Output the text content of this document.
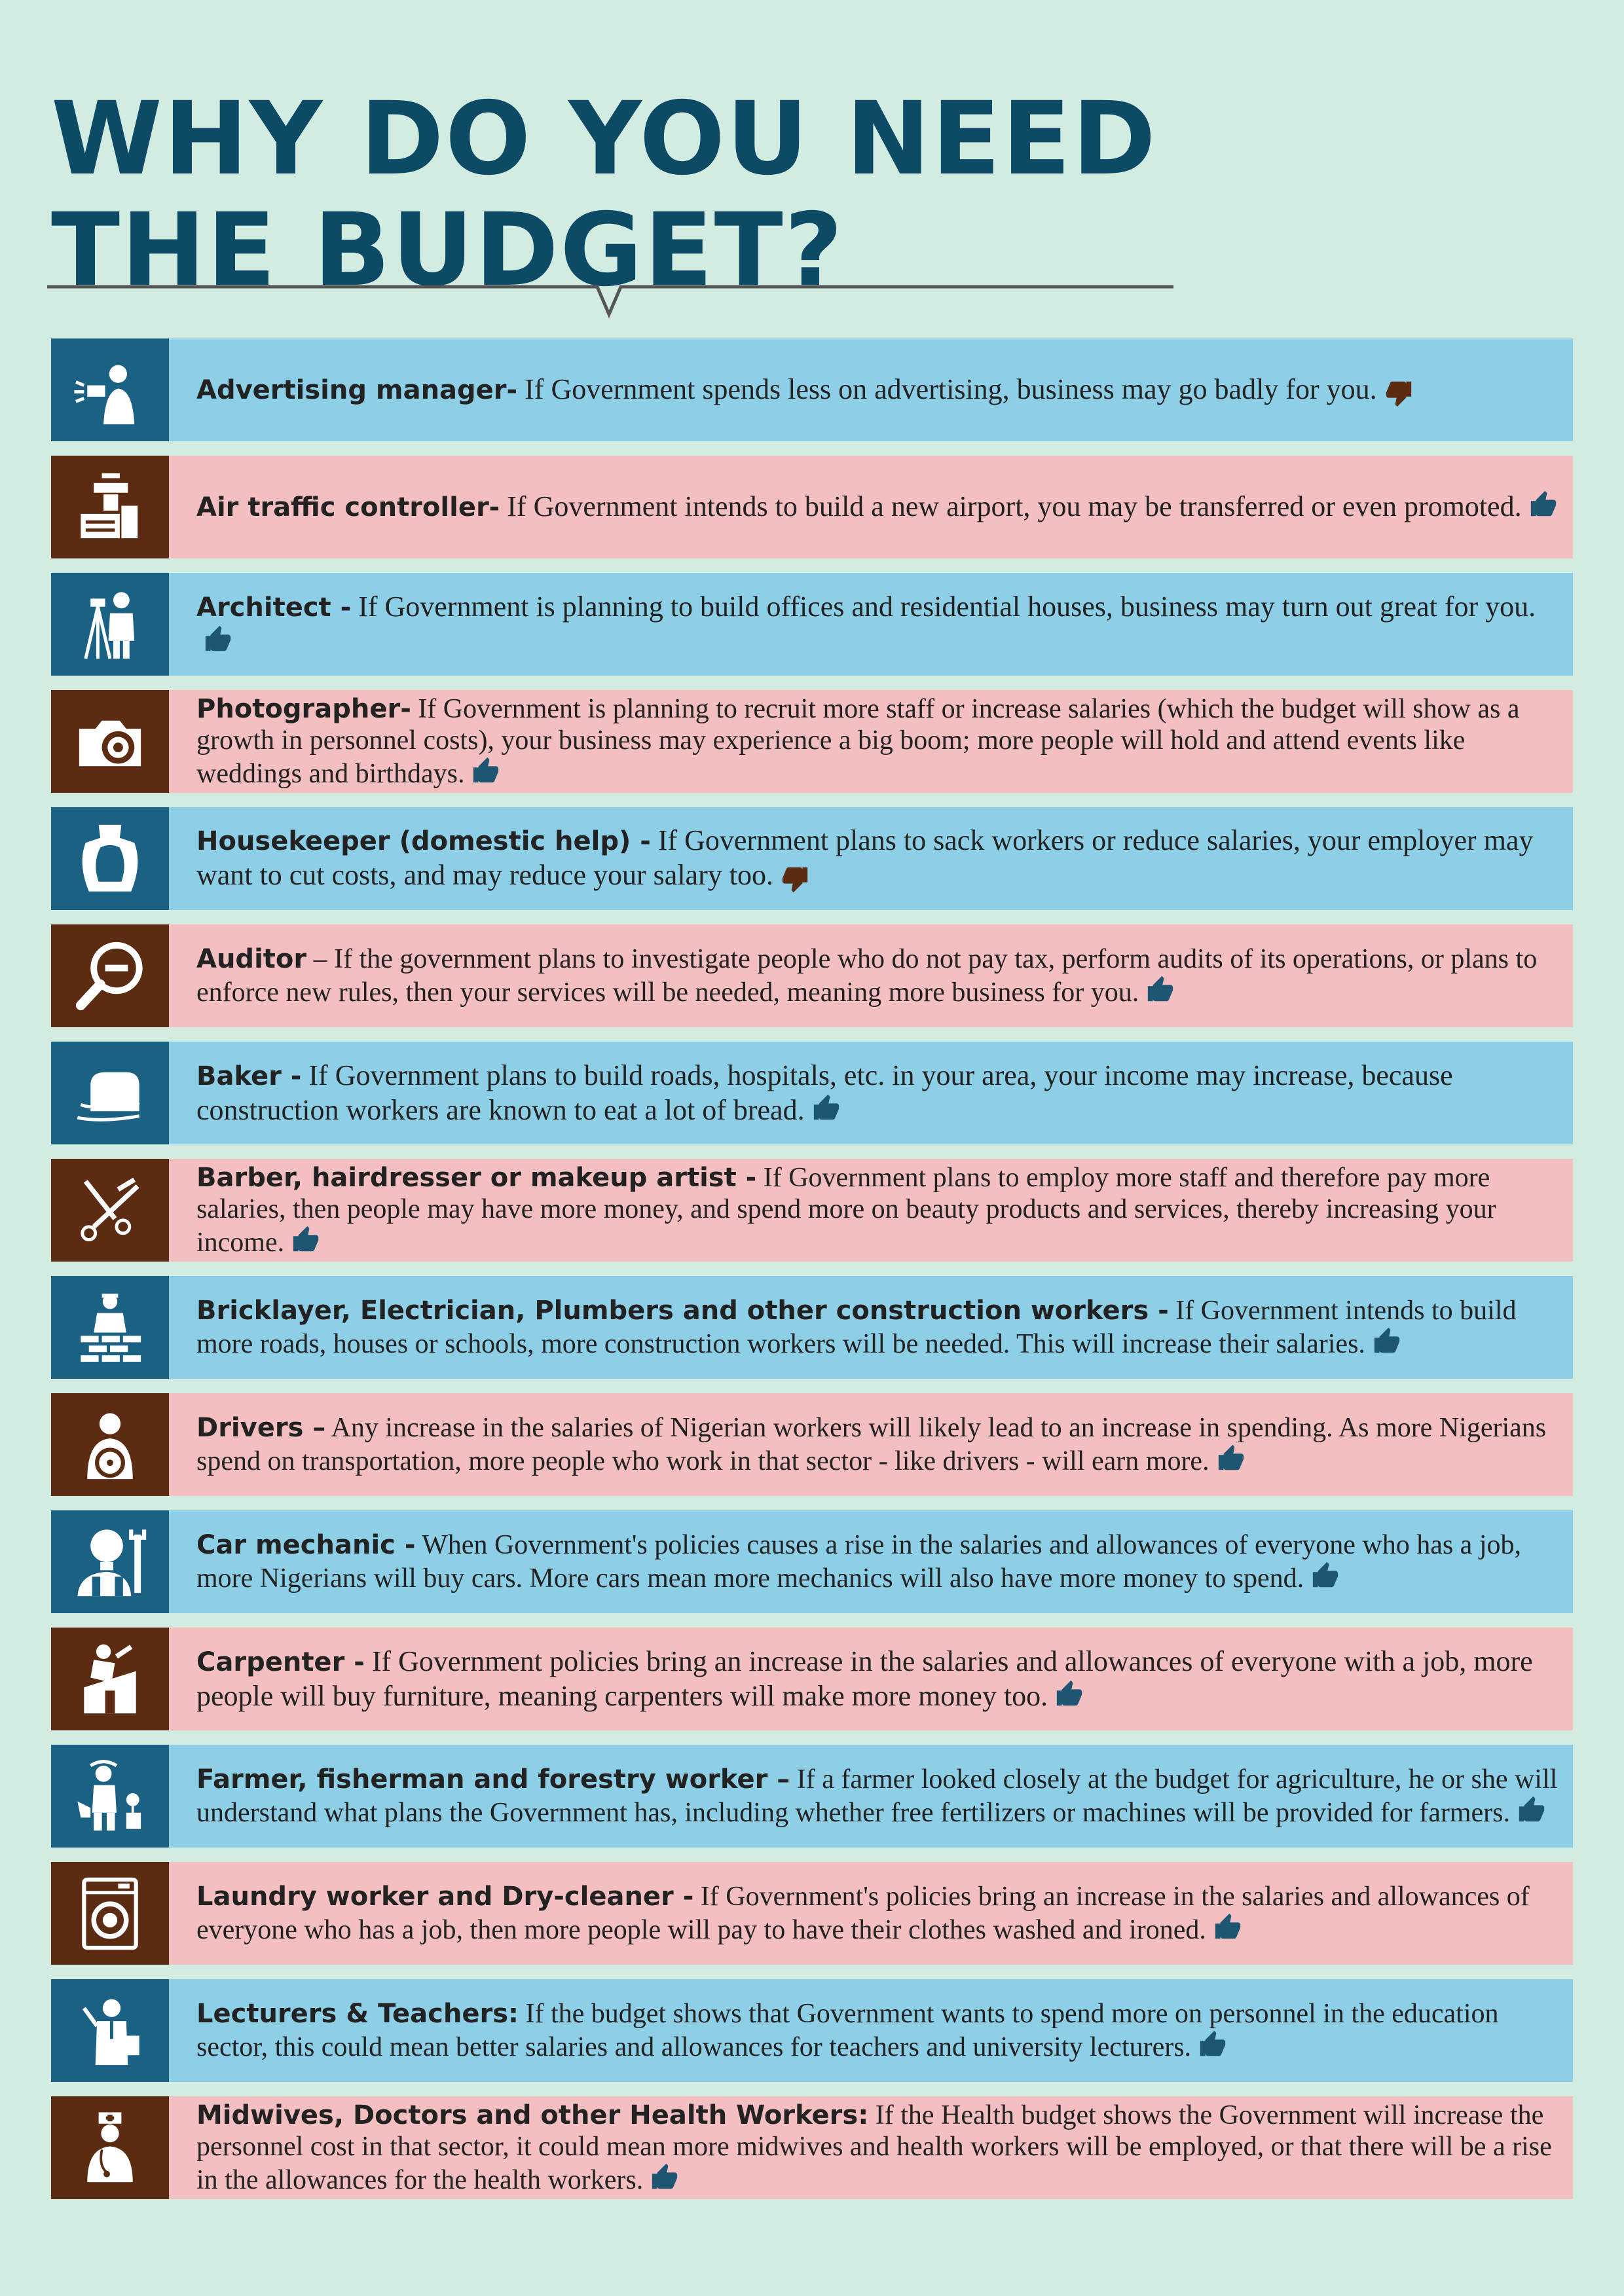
WHY DO YOU NEED
THE BUDGET?
Advertising manager- If Government spends less on advertising, business may go badly for you.
Air traffic controller- If Government intends to build a new airport, you may be transferred or even promoted.
Architect - If Government is planning to build offices and residential houses, business may turn out great for you.
Photographer- If Government is planning to recruit more staff or increase salaries (which the budget will show as a growth in personnel costs), your business may experience a big boom; more people will hold and attend events like weddings and birthdays.
Housekeeper (domestic help) - If Government plans to sack workers or reduce salaries, your employer may want to cut costs, and may reduce your salary too.
Auditor – If the government plans to investigate people who do not pay tax, perform audits of its operations, or plans to enforce new rules, then your services will be needed, meaning more business for you.
Baker - If Government plans to build roads, hospitals, etc. in your area, your income may increase, because construction workers are known to eat a lot of bread.
Barber, hairdresser or makeup artist - If Government plans to employ more staff and therefore pay more salaries, then people may have more money, and spend more on beauty products and services, thereby increasing your income.
Bricklayer, Electrician, Plumbers and other construction workers - If Government intends to build more roads, houses or schools, more construction workers will be needed. This will increase their salaries.
Drivers – Any increase in the salaries of Nigerian workers will likely lead to an increase in spending. As more Nigerians spend on transportation, more people who work in that sector - like drivers - will earn more.
Car mechanic - When Government's policies causes a rise in the salaries and allowances of everyone who has a job, more Nigerians will buy cars. More cars mean more mechanics will also have more money to spend.
Carpenter - If Government policies bring an increase in the salaries and allowances of everyone with a job, more people will buy furniture, meaning carpenters will make more money too.
Farmer, fisherman and forestry worker – If a farmer looked closely at the budget for agriculture, he or she will understand what plans the Government has, including whether free fertilizers or machines will be provided for farmers.
Laundry worker and Dry-cleaner - If Government's policies bring an increase in the salaries and allowances of everyone who has a job, then more people will pay to have their clothes washed and ironed.
Lecturers & Teachers: If the budget shows that Government wants to spend more on personnel in the education sector, this could mean better salaries and allowances for teachers and university lecturers.
Midwives, Doctors and other Health Workers: If the Health budget shows the Government will increase the personnel cost in that sector, it could mean more midwives and health workers will be employed, or that there will be a rise in the allowances for the health workers.
